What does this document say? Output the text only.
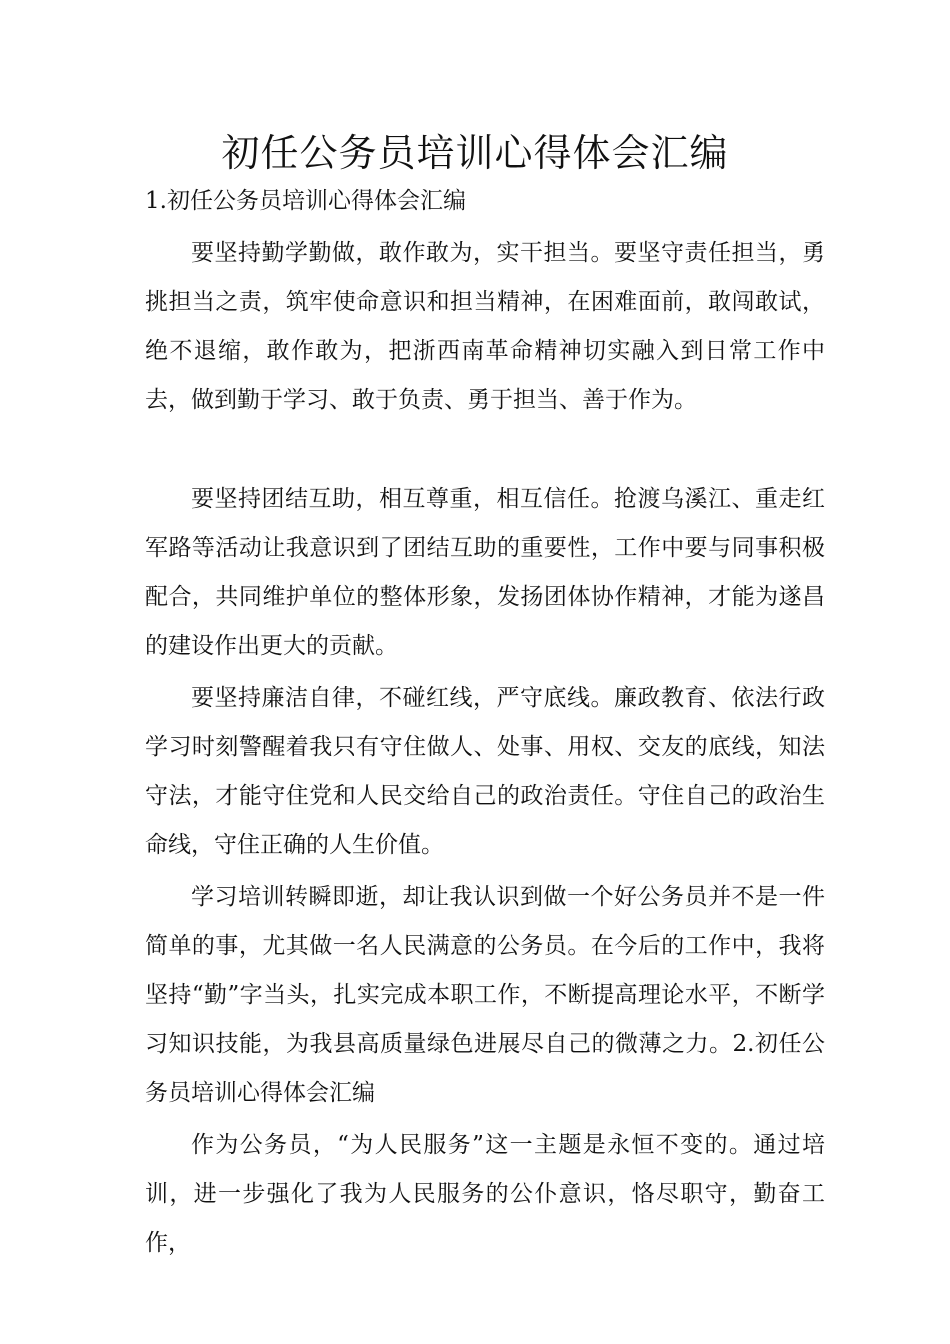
初任公务员培训心得体会汇编
1.初任公务员培训心得体会汇编
要坚持勤学勤做，敢作敢为，实干担当。要坚守责任担当，勇挑担当之责，筑牢使命意识和担当精神，在困难面前，敢闯敢试，绝不退缩，敢作敢为，把浙西南革命精神切实融入到日常工作中去，做到勤于学习、敢于负责、勇于担当、善于作为。
要坚持团结互助，相互尊重，相互信任。抢渡乌溪江、重走红军路等活动让我意识到了团结互助的重要性，工作中要与同事积极配合，共同维护单位的整体形象，发扬团体协作精神，才能为遂昌的建设作出更大的贡献。
要坚持廉洁自律，不碰红线，严守底线。廉政教育、依法行政学习时刻警醒着我只有守住做人、处事、用权、交友的底线，知法守法，才能守住党和人民交给自己的政治责任。守住自己的政治生命线，守住正确的人生价值。
学习培训转瞬即逝，却让我认识到做一个好公务员并不是一件简单的事，尤其做一名人民满意的公务员。在今后的工作中，我将坚持“勤”字当头，扎实完成本职工作，不断提高理论水平，不断学习知识技能，为我县高质量绿色进展尽自己的微薄之力。2.初任公务员培训心得体会汇编
作为公务员，“为人民服务”这一主题是永恒不变的。通过培训，进一步强化了我为人民服务的公仆意识，恪尽职守，勤奋工作，
